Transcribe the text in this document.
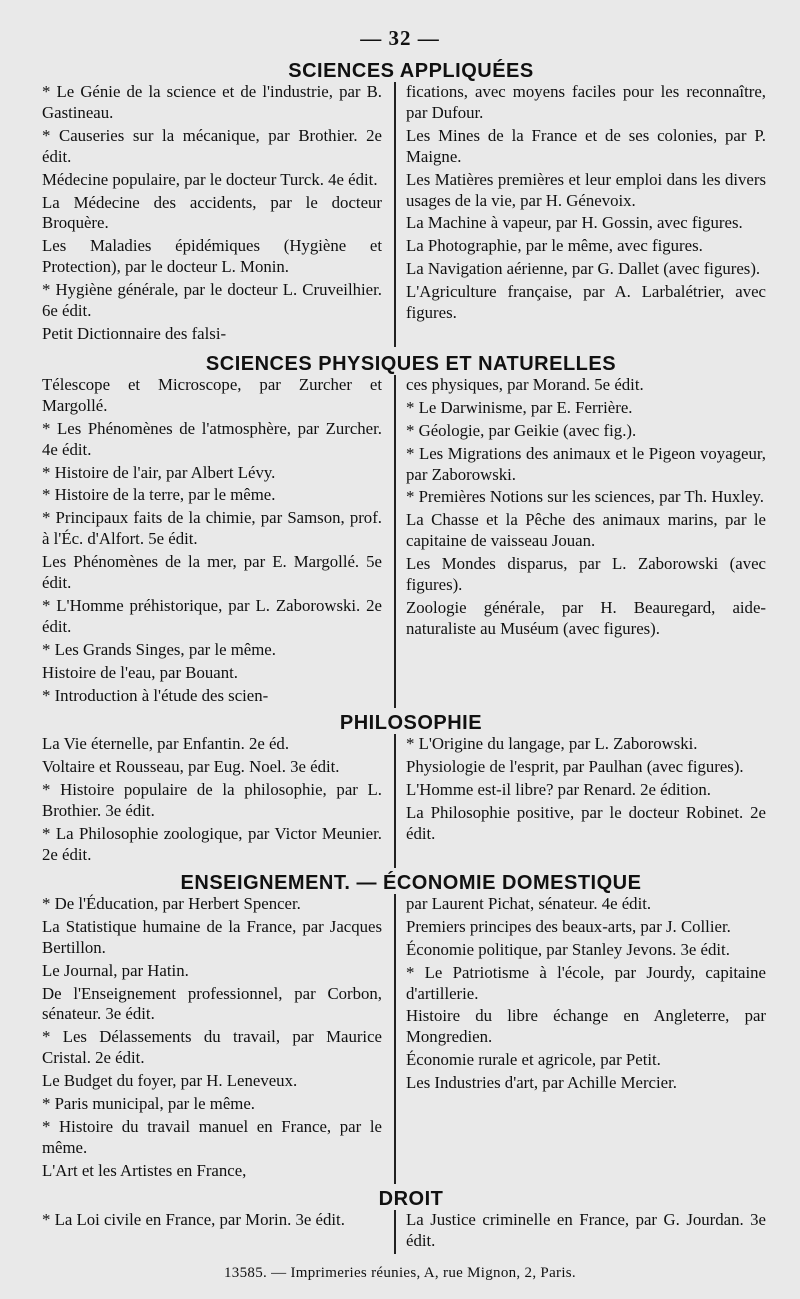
— 32 —
SCIENCES APPLIQUÉES
* Le Génie de la science et de l'industrie, par B. Gastineau.
* Causeries sur la mécanique, par Brothier. 2e édit.
Médecine populaire, par le docteur Turck. 4e édit.
La Médecine des accidents, par le docteur Broquère.
Les Maladies épidémiques (Hygiène et Protection), par le docteur L. Monin.
* Hygiène générale, par le docteur L. Cruveilhier. 6e édit.
Petit Dictionnaire des falsi-
fications, avec moyens faciles pour les reconnaître, par Dufour.
Les Mines de la France et de ses colonies, par P. Maigne.
Les Matières premières et leur emploi dans les divers usages de la vie, par H. Génevoix.
La Machine à vapeur, par H. Gossin, avec figures.
La Photographie, par le même, avec figures.
La Navigation aérienne, par G. Dallet (avec figures).
L'Agriculture française, par A. Larbalétrier, avec figures.
SCIENCES PHYSIQUES ET NATURELLES
Télescope et Microscope, par Zurcher et Margollé.
* Les Phénomènes de l'atmosphère, par Zurcher. 4e édit.
* Histoire de l'air, par Albert Lévy.
* Histoire de la terre, par le même.
* Principaux faits de la chimie, par Samson, prof. à l'Éc. d'Alfort. 5e édit.
Les Phénomènes de la mer, par E. Margollé. 5e édit.
* L'Homme préhistorique, par L. Zaborowski. 2e édit.
* Les Grands Singes, par le même.
Histoire de l'eau, par Bouant.
* Introduction à l'étude des scien-
ces physiques, par Morand. 5e édit.
* Le Darwinisme, par E. Ferrière.
* Géologie, par Geikie (avec fig.).
* Les Migrations des animaux et le Pigeon voyageur, par Zaborowski.
* Premières Notions sur les sciences, par Th. Huxley.
La Chasse et la Pêche des animaux marins, par le capitaine de vaisseau Jouan.
Les Mondes disparus, par L. Zaborowski (avec figures).
Zoologie générale, par H. Beauregard, aide-naturaliste au Muséum (avec figures).
PHILOSOPHIE
La Vie éternelle, par Enfantin. 2e éd.
Voltaire et Rousseau, par Eug. Noel. 3e édit.
* Histoire populaire de la philosophie, par L. Brothier. 3e édit.
* La Philosophie zoologique, par Victor Meunier. 2e édit.
* L'Origine du langage, par L. Zaborowski.
Physiologie de l'esprit, par Paulhan (avec figures).
L'Homme est-il libre? par Renard. 2e édition.
La Philosophie positive, par le docteur Robinet. 2e édit.
ENSEIGNEMENT. — ÉCONOMIE DOMESTIQUE
* De l'Éducation, par Herbert Spencer.
La Statistique humaine de la France, par Jacques Bertillon.
Le Journal, par Hatin.
De l'Enseignement professionnel, par Corbon, sénateur. 3e édit.
* Les Délassements du travail, par Maurice Cristal. 2e édit.
Le Budget du foyer, par H. Leneveux.
* Paris municipal, par le même.
* Histoire du travail manuel en France, par le même.
L'Art et les Artistes en France,
par Laurent Pichat, sénateur. 4e édit.
Premiers principes des beaux-arts, par J. Collier.
Économie politique, par Stanley Jevons. 3e édit.
* Le Patriotisme à l'école, par Jourdy, capitaine d'artillerie.
Histoire du libre échange en Angleterre, par Mongredien.
Économie rurale et agricole, par Petit.
Les Industries d'art, par Achille Mercier.
DROIT
* La Loi civile en France, par Morin. 3e édit.	La Justice criminelle en France, par G. Jourdan. 3e édit.
13585. — Imprimeries réunies, A, rue Mignon, 2, Paris.
